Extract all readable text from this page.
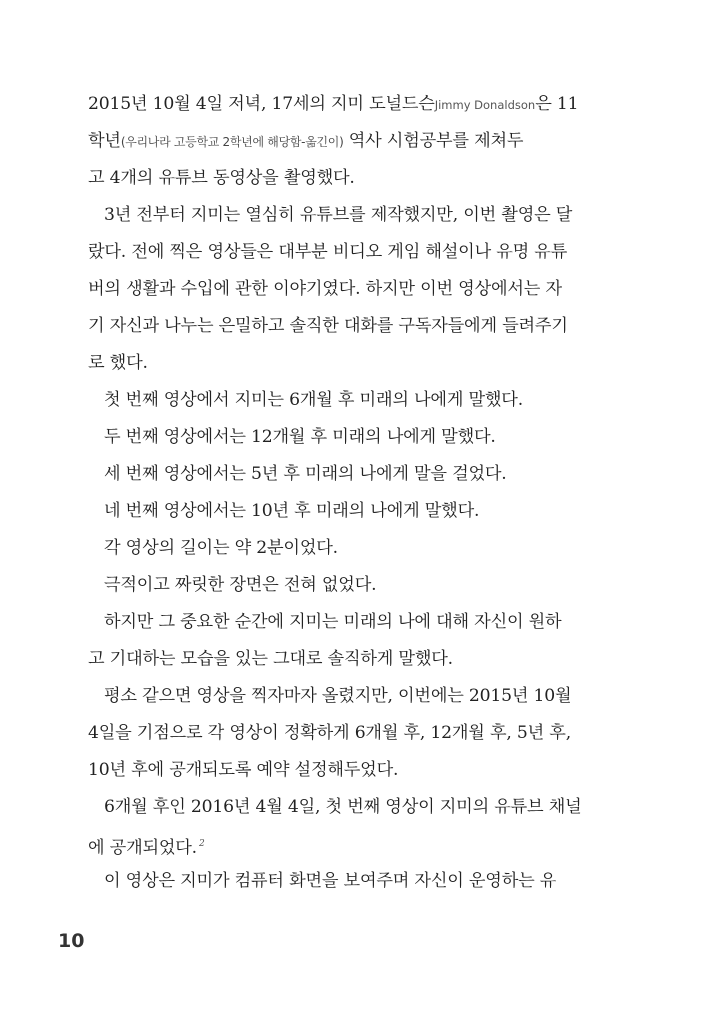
2015년 10월 4일 저녁, 17세의 지미 도널드슨Jimmy Donaldson은 11
학년(우리나라 고등학교 2학년에 해당함-옮긴이) 역사 시험공부를 제쳐두
고 4개의 유튜브 동영상을 촬영했다.
3년 전부터 지미는 열심히 유튜브를 제작했지만, 이번 촬영은 달
랐다. 전에 찍은 영상들은 대부분 비디오 게임 해설이나 유명 유튜
버의 생활과 수입에 관한 이야기였다. 하지만 이번 영상에서는 자
기 자신과 나누는 은밀하고 솔직한 대화를 구독자들에게 들려주기
로 했다.
첫 번째 영상에서 지미는 6개월 후 미래의 나에게 말했다.
두 번째 영상에서는 12개월 후 미래의 나에게 말했다.
세 번째 영상에서는 5년 후 미래의 나에게 말을 걸었다.
네 번째 영상에서는 10년 후 미래의 나에게 말했다.
각 영상의 길이는 약 2분이었다.
극적이고 짜릿한 장면은 전혀 없었다.
하지만 그 중요한 순간에 지미는 미래의 나에 대해 자신이 원하
고 기대하는 모습을 있는 그대로 솔직하게 말했다.
평소 같으면 영상을 찍자마자 올렸지만, 이번에는 2015년 10월
4일을 기점으로 각 영상이 정확하게 6개월 후, 12개월 후, 5년 후,
10년 후에 공개되도록 예약 설정해두었다.
6개월 후인 2016년 4월 4일, 첫 번째 영상이 지미의 유튜브 채널
에 공개되었다. $^2$
이 영상은 지미가 컴퓨터 화면을 보여주며 자신이 운영하는 유
10
